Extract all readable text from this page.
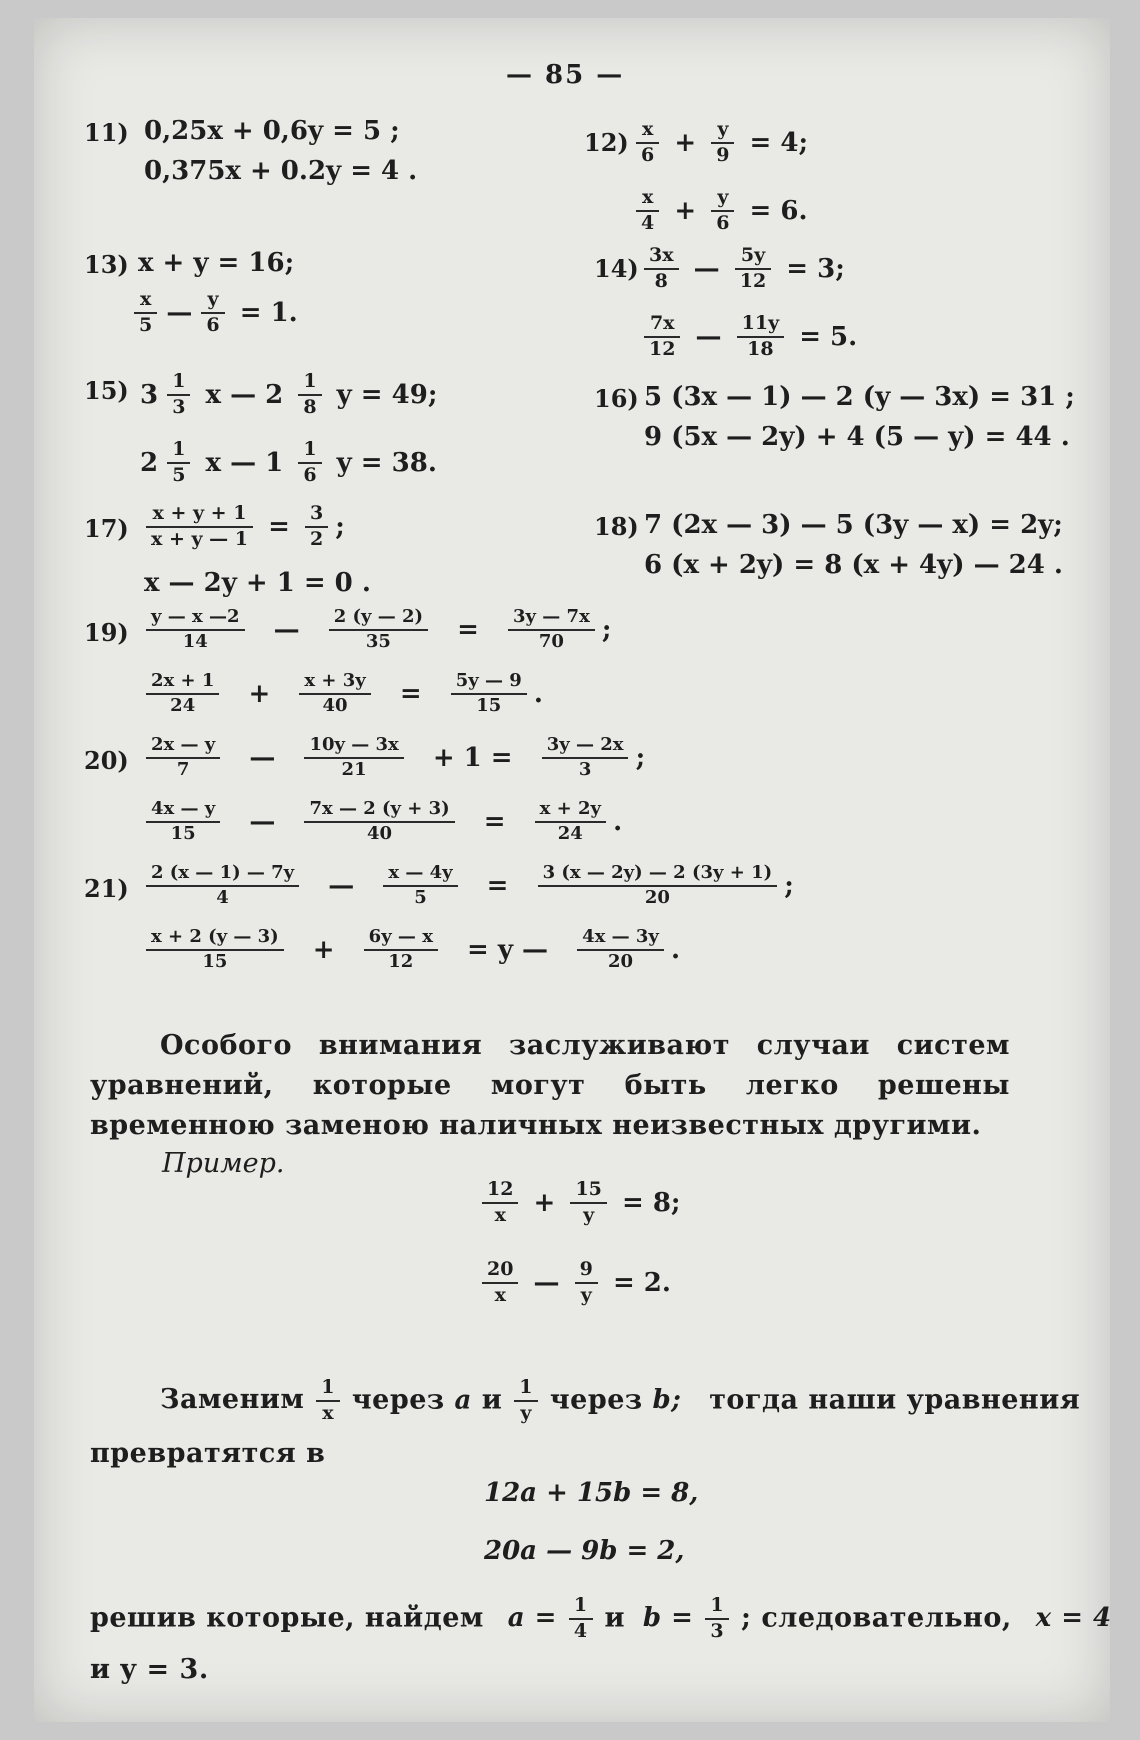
— 85 —
11) 0,25x + 0,6y = 5 ;
0,375x + 0.2y = 4 .
$12) \frac{x}{6} + \frac{y}{9} = 4$;
$\frac{x}{4} + \frac{y}{6} = 6$.
13) x + y = 16;
$\frac{x}{5}$ — $\frac{y}{6} = 1$.
$14) \frac{3x}{8}$ — $\frac{5y}{12} = 3$;
$\frac{7x}{12}$ — $\frac{11y}{18} = 5$.
15) $3 \frac{1}{3}$ x — $2 \frac{1}{8}$ y = 49;
$2 \frac{1}{5}$ x — $1 \frac{1}{6}$ y = 38.
16) 5 (3x — 1) — 2 (y — 3x) = 31 ;
9 (5x — 2y) + 4 (5 — y) = 44 .
$17) \frac{x + y + 1}{x + y — 1} = \frac{3}{2}$ ;
x — 2y + 1 = 0 .
18) 7 (2x — 3) — 5 (3y — x) = 2y;
6 (x + 2y) = 8 (x + 4y) — 24 .
$19) \frac{y — x —2}{14}$ — $\frac{2 (y — 2)}{35} = \frac{3y — 7x}{70}$ ;
$\frac{2x + 1}{24} + \frac{x + 3y}{40} = \frac{5y — 9}{15}$ .
$20) \frac{2x — y}{7}$ — $\frac{10y — 3x}{21} + 1 = \frac{3y — 2x}{3}$ ;
$\frac{4x — y}{15}$ — $\frac{7x — 2 (y + 3)}{40} = \frac{x + 2y}{24}$ .
$21) \frac{2 (x — 1) — 7y}{4}$ — $\frac{x — 4y}{5} = \frac{3 (x — 2y) — 2 (3y + 1)}{20}$ ;
$\frac{x + 2 (y — 3)}{15} + \frac{6y — x}{12} = y$ — $\frac{4x — 3y}{20}$ .
Особого внимания заслуживают случаи систем уравнений, которые могут быть легко решены временною заменою наличных неизвестных другими.
Пример.
$\frac{12}{x} + \frac{15}{y} = 8$;
$\frac{20}{x}$ — $\frac{9}{y} = 2$.
Заменим $\frac{1}{x}$ через a и $\frac{1}{y}$ через b; тогда наши уравнения
превратятся в
12a + 15b = 8,
20a — 9b = 2,
решив которые, найдем $a = \frac{1}{4}$ и $b = \frac{1}{3}$ ; следовательно, x = 4
и y = 3.
